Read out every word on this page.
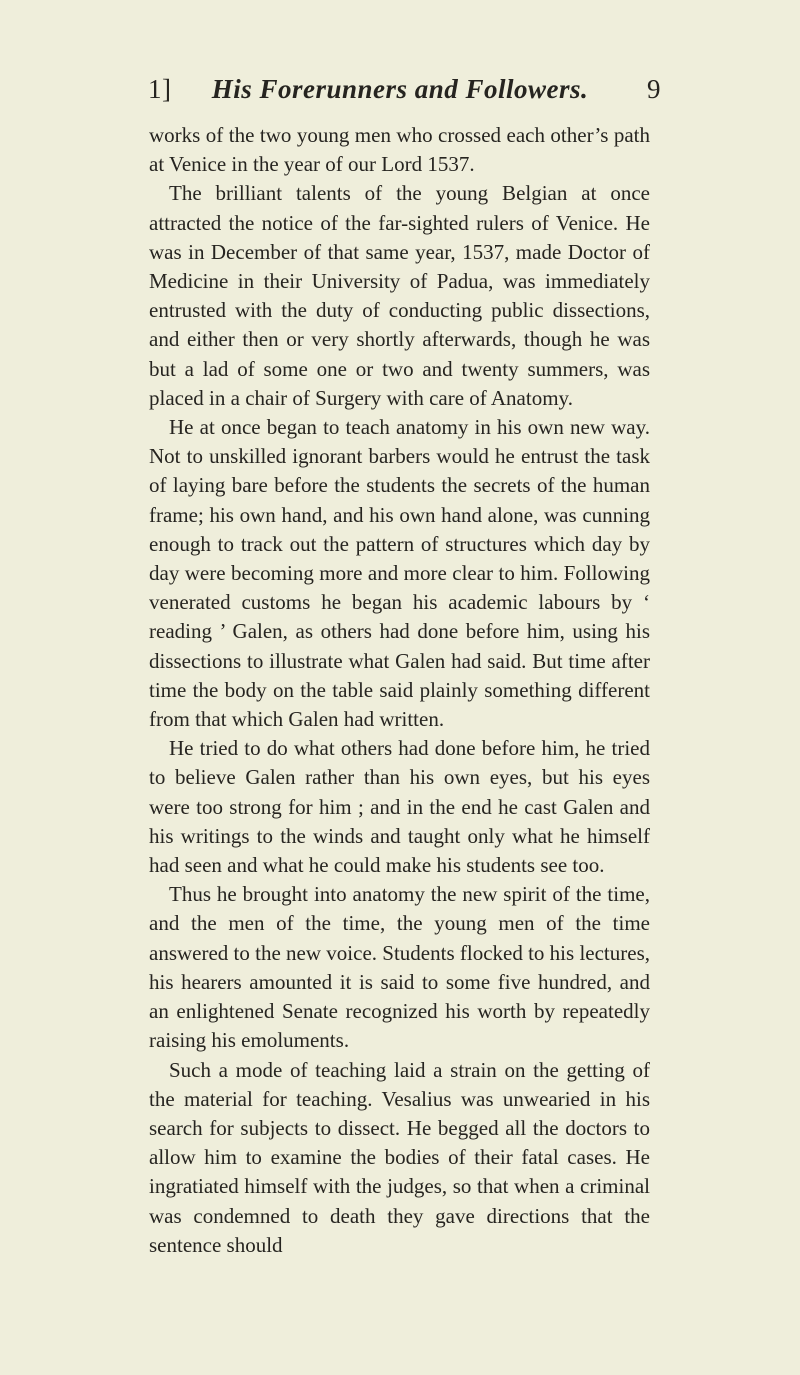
1]	His Forerunners and Followers.	9

works of the two young men who crossed each other’s path at Venice in the year of our Lord 1537.

The brilliant talents of the young Belgian at once attracted the notice of the far-sighted rulers of Venice. He was in December of that same year, 1537, made Doctor of Medicine in their University of Padua, was immediately entrusted with the duty of conducting public dissections, and either then or very shortly afterwards, though he was but a lad of some one or two and twenty summers, was placed in a chair of Surgery with care of Anatomy.

He at once began to teach anatomy in his own new way. Not to unskilled ignorant barbers would he entrust the task of laying bare before the students the secrets of the human frame; his own hand, and his own hand alone, was cunning enough to track out the pattern of structures which day by day were becoming more and more clear to him. Following venerated customs he began his academic labours by ‘ reading ’ Galen, as others had done before him, using his dissections to illustrate what Galen had said. But time after time the body on the table said plainly something different from that which Galen had written.

He tried to do what others had done before him, he tried to believe Galen rather than his own eyes, but his eyes were too strong for him ; and in the end he cast Galen and his writings to the winds and taught only what he himself had seen and what he could make his students see too.

Thus he brought into anatomy the new spirit of the time, and the men of the time, the young men of the time answered to the new voice. Students flocked to his lectures, his hearers amounted it is said to some five hundred, and an enlightened Senate recognized his worth by repeatedly raising his emoluments.

Such a mode of teaching laid a strain on the getting of the material for teaching. Vesalius was unwearied in his search for subjects to dissect. He begged all the doctors to allow him to examine the bodies of their fatal cases. He ingratiated himself with the judges, so that when a criminal was condemned to death they gave directions that the sentence should
